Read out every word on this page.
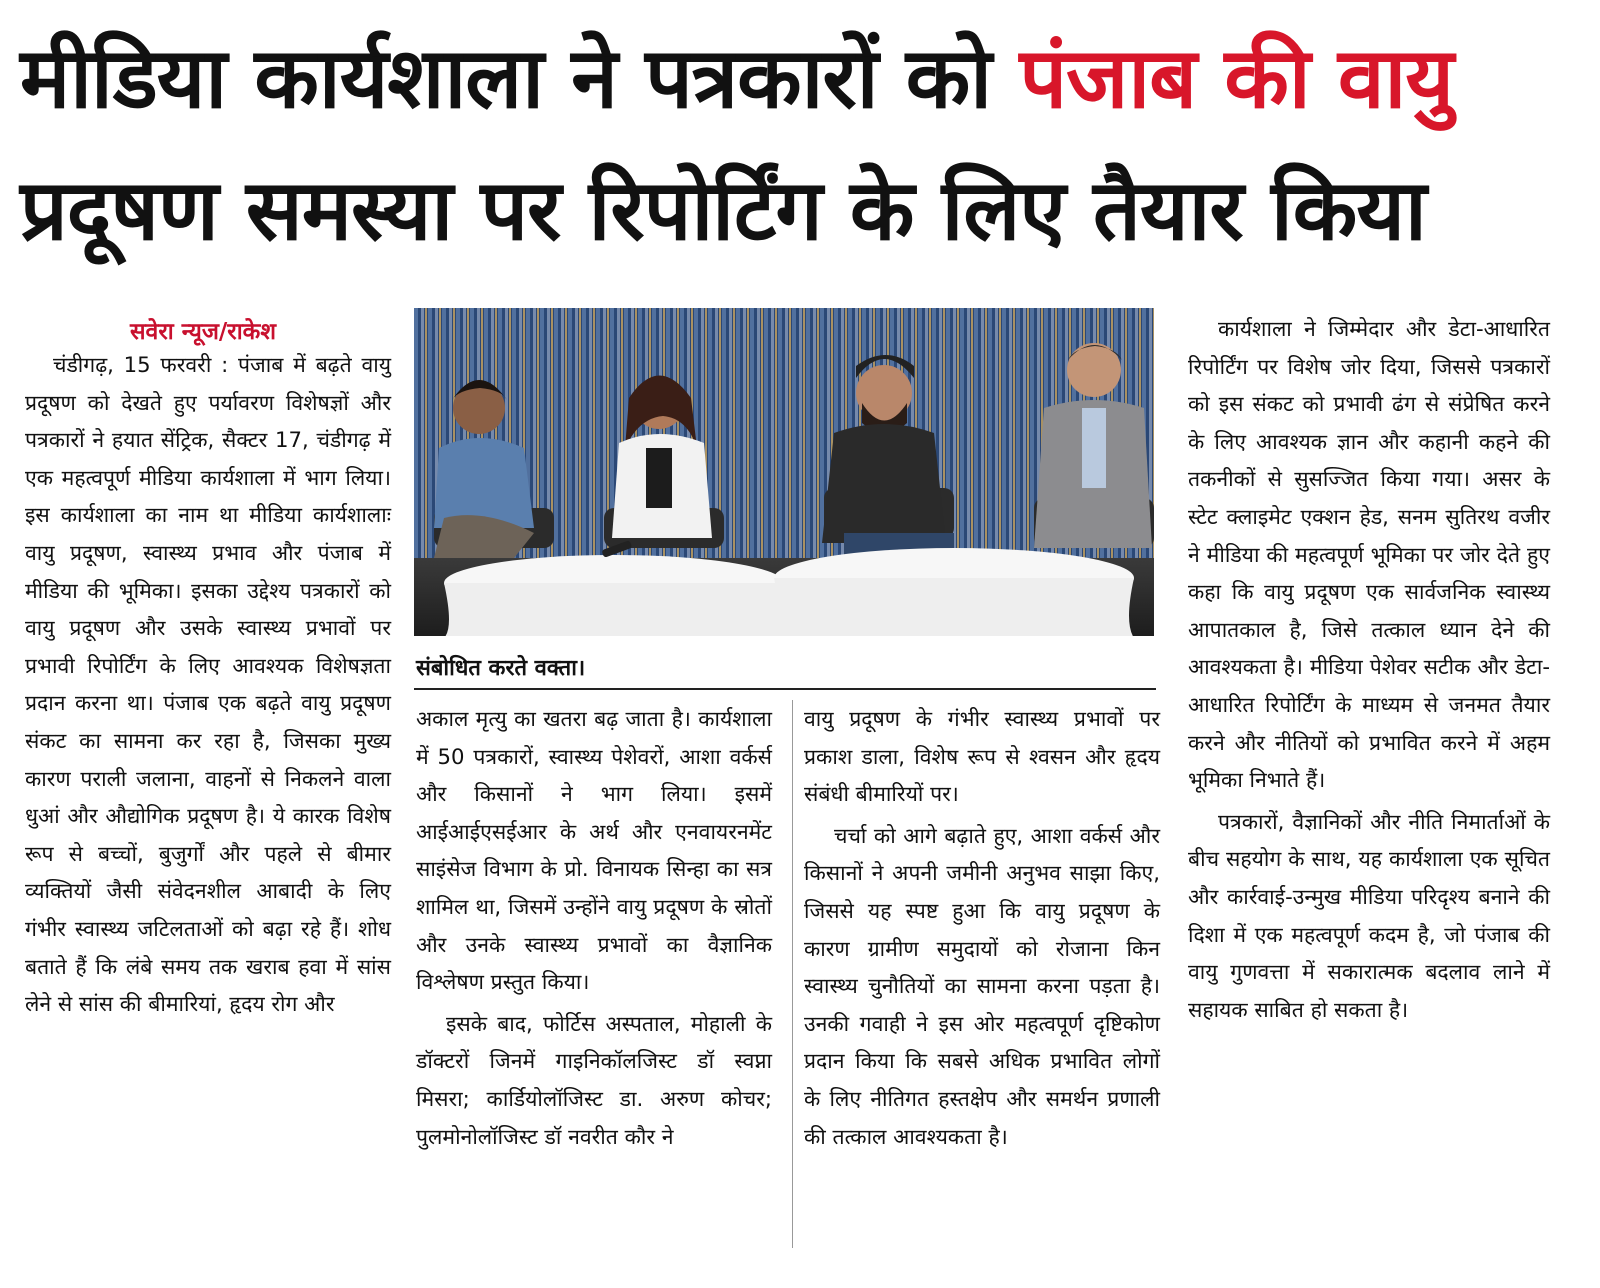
मीडिया कार्यशाला ने पत्रकारों को पंजाब की वायु
प्रदूषण समस्या पर रिपोर्टिंग के लिए तैयार किया
सवेरा न्यूज/राकेश

चंडीगढ़, 15 फरवरी : पंजाब में बढ़ते वायु प्रदूषण को देखते हुए पर्यावरण विशेषज्ञों और पत्रकारों ने हयात सेंट्रिक, सैक्टर 17, चंडीगढ़ में एक महत्वपूर्ण मीडिया कार्यशाला में भाग लिया। इस कार्यशाला का नाम था मीडिया कार्यशालाः वायु प्रदूषण, स्वास्थ्य प्रभाव और पंजाब में मीडिया की भूमिका। इसका उद्देश्य पत्रकारों को वायु प्रदूषण और उसके स्वास्थ्य प्रभावों पर प्रभावी रिपोर्टिंग के लिए आवश्यक विशेषज्ञता प्रदान करना था। पंजाब एक बढ़ते वायु प्रदूषण संकट का सामना कर रहा है, जिसका मुख्य कारण पराली जलाना, वाहनों से निकलने वाला धुआं और औद्योगिक प्रदूषण है। ये कारक विशेष रूप से बच्चों, बुजुर्गों और पहले से बीमार व्यक्तियों जैसी संवेदनशील आबादी के लिए गंभीर स्वास्थ्य जटिलताओं को बढ़ा रहे हैं। शोध बताते हैं कि लंबे समय तक खराब हवा में सांस लेने से सांस की बीमारियां, हृदय रोग और

संबोधित करते वक्ता।

अकाल मृत्यु का खतरा बढ़ जाता है। कार्यशाला में 50 पत्रकारों, स्वास्थ्य पेशेवरों, आशा वर्कर्स और किसानों ने भाग लिया। इसमें आईआईएसईआर के अर्थ और एनवायरनमेंट साइंसेज विभाग के प्रो. विनायक सिन्हा का सत्र शामिल था, जिसमें उन्होंने वायु प्रदूषण के स्रोतों और उनके स्वास्थ्य प्रभावों का वैज्ञानिक विश्लेषण प्रस्तुत किया।

इसके बाद, फोर्टिस अस्पताल, मोहाली के डॉक्टरों जिनमें गाइनिकॉलजिस्ट डॉ स्वप्ना मिसरा; कार्डियोलॉजिस्ट डा. अरुण कोचर; पुलमोनोलॉजिस्ट डॉ नवरीत कौर ने

वायु प्रदूषण के गंभीर स्वास्थ्य प्रभावों पर प्रकाश डाला, विशेष रूप से श्वसन और हृदय संबंधी बीमारियों पर।

चर्चा को आगे बढ़ाते हुए, आशा वर्कर्स और किसानों ने अपनी जमीनी अनुभव साझा किए, जिससे यह स्पष्ट हुआ कि वायु प्रदूषण के कारण ग्रामीण समुदायों को रोजाना किन स्वास्थ्य चुनौतियों का सामना करना पड़ता है। उनकी गवाही ने इस ओर महत्वपूर्ण दृष्टिकोण प्रदान किया कि सबसे अधिक प्रभावित लोगों के लिए नीतिगत हस्तक्षेप और समर्थन प्रणाली की तत्काल आवश्यकता है।

कार्यशाला ने जिम्मेदार और डेटा-आधारित रिपोर्टिंग पर विशेष जोर दिया, जिससे पत्रकारों को इस संकट को प्रभावी ढंग से संप्रेषित करने के लिए आवश्यक ज्ञान और कहानी कहने की तकनीकों से सुसज्जित किया गया। असर के स्टेट क्लाइमेट एक्शन हेड, सनम सुतिरथ वजीर ने मीडिया की महत्वपूर्ण भूमिका पर जोर देते हुए कहा कि वायु प्रदूषण एक सार्वजनिक स्वास्थ्य आपातकाल है, जिसे तत्काल ध्यान देने की आवश्यकता है। मीडिया पेशेवर सटीक और डेटा-आधारित रिपोर्टिंग के माध्यम से जनमत तैयार करने और नीतियों को प्रभावित करने में अहम भूमिका निभाते हैं।

पत्रकारों, वैज्ञानिकों और नीति निमार्ताओं के बीच सहयोग के साथ, यह कार्यशाला एक सूचित और कार्रवाई-उन्मुख मीडिया परिदृश्य बनाने की दिशा में एक महत्वपूर्ण कदम है, जो पंजाब की वायु गुणवत्ता में सकारात्मक बदलाव लाने में सहायक साबित हो सकता है।
